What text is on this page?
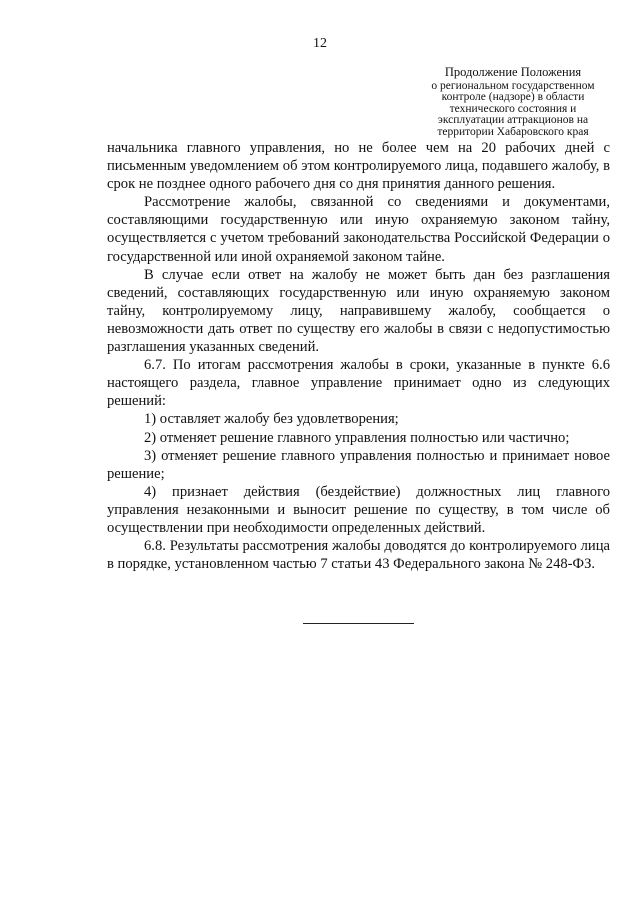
12
Продолжение Положения
о региональном государственном
контроле (надзоре) в области
технического состояния и
эксплуатации аттракционов на
территории Хабаровского края

начальника главного управления, но не более чем на 20 рабочих дней с письменным уведомлением об этом контролируемого лица, подавшего жалобу, в срок не позднее одного рабочего дня со дня принятия данного решения.

Рассмотрение жалобы, связанной со сведениями и документами, составляющими государственную или иную охраняемую законом тайну, осуществляется с учетом требований законодательства Российской Федерации о государственной или иной охраняемой законом тайне.

В случае если ответ на жалобу не может быть дан без разглашения сведений, составляющих государственную или иную охраняемую законом тайну, контролируемому лицу, направившему жалобу, сообщается о невозможности дать ответ по существу его жалобы в связи с недопустимостью разглашения указанных сведений.

6.7. По итогам рассмотрения жалобы в сроки, указанные в пункте 6.6 настоящего раздела, главное управление принимает одно из следующих решений:

1) оставляет жалобу без удовлетворения;

2) отменяет решение главного управления полностью или частично;

3) отменяет решение главного управления полностью и принимает новое решение;

4) признает действия (бездействие) должностных лиц главного управления незаконными и выносит решение по существу, в том числе об осуществлении при необходимости определенных действий.

6.8. Результаты рассмотрения жалобы доводятся до контролируемого лица в порядке, установленном частью 7 статьи 43 Федерального закона № 248-ФЗ.
